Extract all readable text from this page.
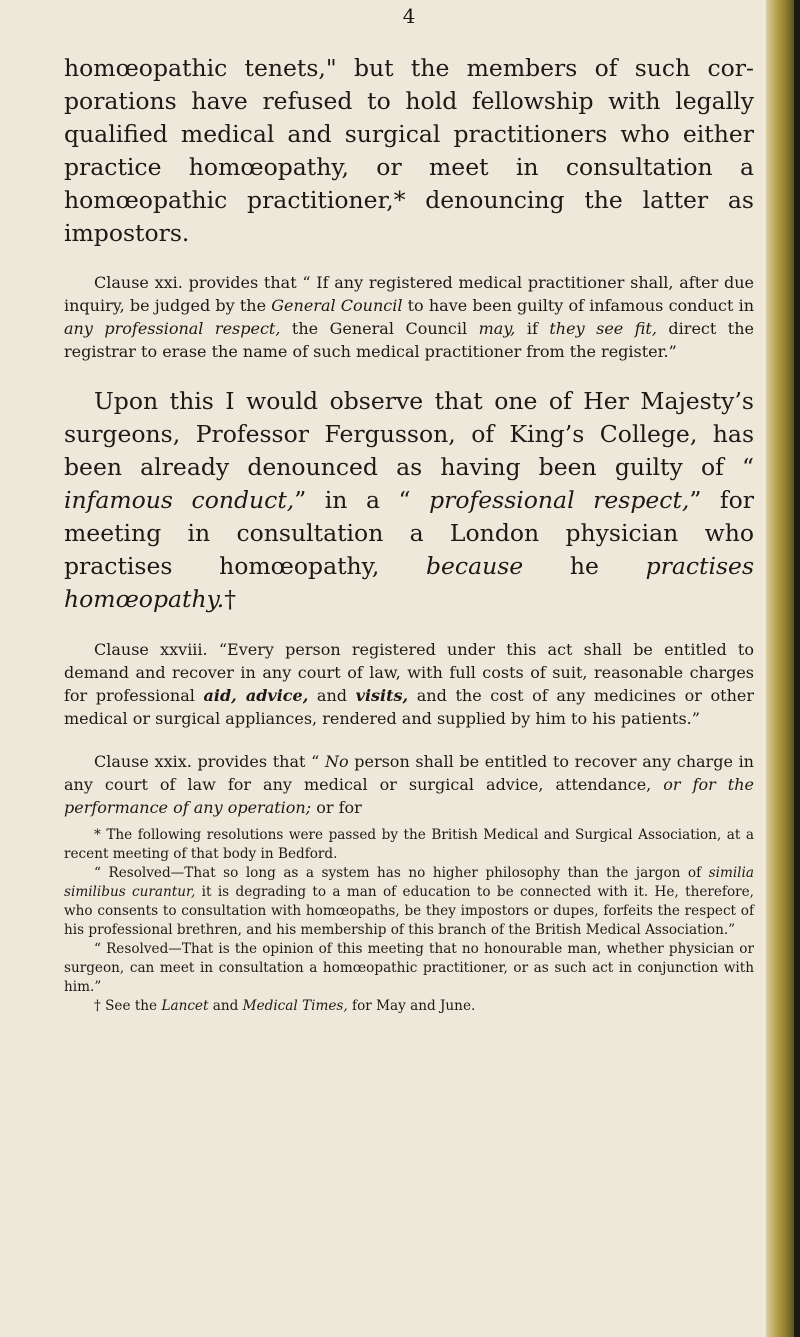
4

homœopathic tenets," but the members of such corporations have refused to hold fellowship with legally qualified medical and surgical practitioners who either practice homœopathy, or meet in consultation a homœopathic practitioner,* denouncing the latter as impostors.

Clause xxi. provides that “ If any registered medical practitioner shall, after due inquiry, be judged by the General Council to have been guilty of infamous conduct in any professional respect, the General Council may, if they see fit, direct the registrar to erase the name of such medical practitioner from the register.”

Upon this I would observe that one of Her Majesty’s surgeons, Professor Fergusson, of King’s College, has been already denounced as having been guilty of “ infamous conduct,” in a “ professional respect,” for meeting in consultation a London physician who practises homœopathy, because he practises homœopathy.†

Clause xxviii. “Every person registered under this act shall be entitled to demand and recover in any court of law, with full costs of suit, reasonable charges for professional aid, advice, and visits, and the cost of any medicines or other medical or surgical appliances, rendered and supplied by him to his patients.”

Clause xxix. provides that “ No person shall be entitled to recover any charge in any court of law for any medical or surgical advice, attendance, or for the performance of any operation; or for

* The following resolutions were passed by the British Medical and Surgical Association, at a recent meeting of that body in Bedford.

“ Resolved—That so long as a system has no higher philosophy than the jargon of similia similibus curantur, it is degrading to a man of education to be connected with it. He, therefore, who consents to consultation with homœopaths, be they impostors or dupes, forfeits the respect of his professional brethren, and his membership of this branch of the British Medical Association.”

“ Resolved—That is the opinion of this meeting that no honourable man, whether physician or surgeon, can meet in consultation a homœopathic practitioner, or as such act in conjunction with him.”

† See the Lancet and Medical Times, for May and June.
